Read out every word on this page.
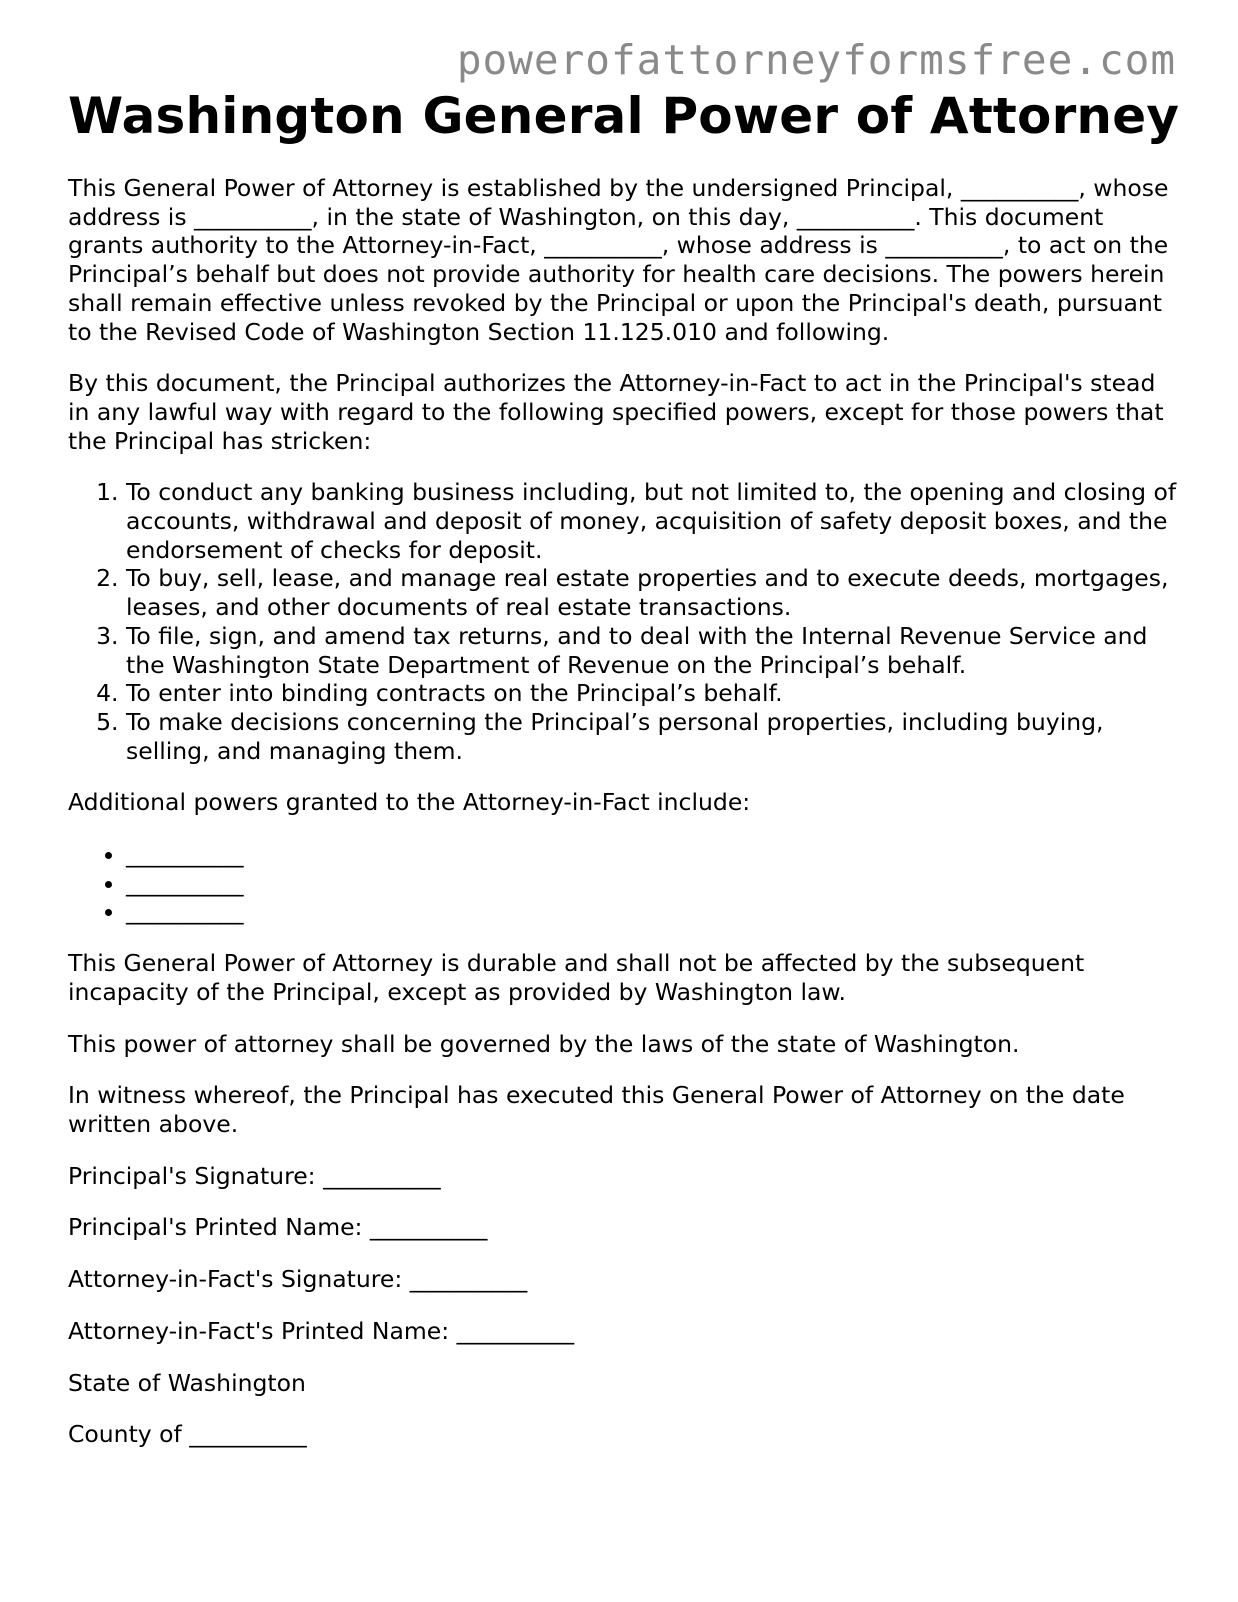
powerofattorneyformsfree.com
Washington General Power of Attorney

This General Power of Attorney is established by the undersigned Principal, __________, whose address is __________, in the state of Washington, on this day, __________. This document grants authority to the Attorney-in-Fact, __________, whose address is __________, to act on the Principal’s behalf but does not provide authority for health care decisions. The powers herein shall remain effective unless revoked by the Principal or upon the Principal's death, pursuant to the Revised Code of Washington Section 11.125.010 and following.

By this document, the Principal authorizes the Attorney-in-Fact to act in the Principal's stead in any lawful way with regard to the following specified powers, except for those powers that the Principal has stricken:

1. To conduct any banking business including, but not limited to, the opening and closing of accounts, withdrawal and deposit of money, acquisition of safety deposit boxes, and the endorsement of checks for deposit.
2. To buy, sell, lease, and manage real estate properties and to execute deeds, mortgages, leases, and other documents of real estate transactions.
3. To file, sign, and amend tax returns, and to deal with the Internal Revenue Service and the Washington State Department of Revenue on the Principal’s behalf.
4. To enter into binding contracts on the Principal’s behalf.
5. To make decisions concerning the Principal’s personal properties, including buying, selling, and managing them.

Additional powers granted to the Attorney-in-Fact include:

• __________
• __________
• __________

This General Power of Attorney is durable and shall not be affected by the subsequent incapacity of the Principal, except as provided by Washington law.

This power of attorney shall be governed by the laws of the state of Washington.

In witness whereof, the Principal has executed this General Power of Attorney on the date written above.

Principal's Signature: __________

Principal's Printed Name: __________

Attorney-in-Fact's Signature: __________

Attorney-in-Fact's Printed Name: __________

State of Washington

County of __________
